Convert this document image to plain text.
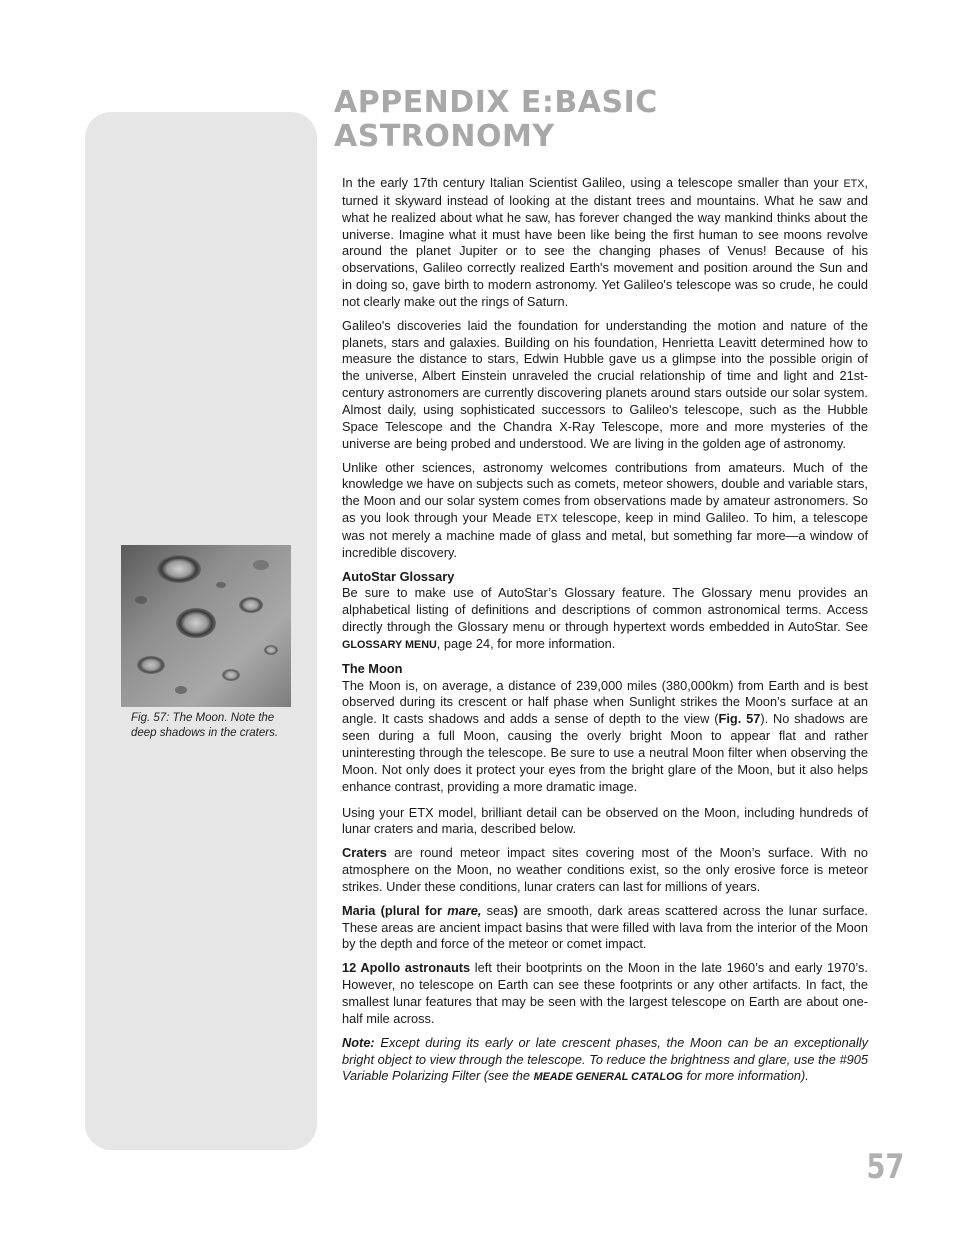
APPENDIX E:BASIC
ASTRONOMY
Fig. 57: The Moon. Note the deep shadows in the craters.

In the early 17th century Italian Scientist Galileo, using a telescope smaller than your ETX, turned it skyward instead of looking at the distant trees and mountains. What he saw and what he realized about what he saw, has forever changed the way mankind thinks about the universe. Imagine what it must have been like being the first human to see moons revolve around the planet Jupiter or to see the changing phases of Venus! Because of his observations, Galileo correctly realized Earth's movement and position around the Sun and in doing so, gave birth to modern astronomy. Yet Galileo's telescope was so crude, he could not clearly make out the rings of Saturn.

Galileo's discoveries laid the foundation for understanding the motion and nature of the planets, stars and galaxies. Building on his foundation, Henrietta Leavitt determined how to measure the distance to stars, Edwin Hubble gave us a glimpse into the possible origin of the universe, Albert Einstein unraveled the crucial relationship of time and light and 21st-century astronomers are currently discovering planets around stars outside our solar system. Almost daily, using sophisticated successors to Galileo's telescope, such as the Hubble Space Telescope and the Chandra X-Ray Telescope, more and more mysteries of the universe are being probed and understood. We are living in the golden age of astronomy.

Unlike other sciences, astronomy welcomes contributions from amateurs. Much of the knowledge we have on subjects such as comets, meteor showers, double and variable stars, the Moon and our solar system comes from observations made by amateur astronomers. So as you look through your Meade ETX telescope, keep in mind Galileo. To him, a telescope was not merely a machine made of glass and metal, but something far more—a window of incredible discovery.

AutoStar Glossary

Be sure to make use of AutoStar’s Glossary feature. The Glossary menu provides an alphabetical listing of definitions and descriptions of common astronomical terms. Access directly through the Glossary menu or through hypertext words embedded in AutoStar. See GLOSSARY MENU, page 24, for more information.

The Moon

The Moon is, on average, a distance of 239,000 miles (380,000km) from Earth and is best observed during its crescent or half phase when Sunlight strikes the Moon’s surface at an angle. It casts shadows and adds a sense of depth to the view (Fig. 57). No shadows are seen during a full Moon, causing the overly bright Moon to appear flat and rather uninteresting through the telescope. Be sure to use a neutral Moon filter when observing the Moon. Not only does it protect your eyes from the bright glare of the Moon, but it also helps enhance contrast, providing a more dramatic image.

Using your ETX model, brilliant detail can be observed on the Moon, including hundreds of lunar craters and maria, described below.

Craters are round meteor impact sites covering most of the Moon’s surface. With no atmosphere on the Moon, no weather conditions exist, so the only erosive force is meteor strikes. Under these conditions, lunar craters can last for millions of years.

Maria (plural for mare, seas) are smooth, dark areas scattered across the lunar surface. These areas are ancient impact basins that were filled with lava from the interior of the Moon by the depth and force of the meteor or comet impact.

12 Apollo astronauts left their bootprints on the Moon in the late 1960’s and early 1970’s. However, no telescope on Earth can see these footprints or any other artifacts. In fact, the smallest lunar features that may be seen with the largest telescope on Earth are about one-half mile across.

Note: Except during its early or late crescent phases, the Moon can be an exceptionally bright object to view through the telescope. To reduce the brightness and glare, use the #905 Variable Polarizing Filter (see the MEADE GENERAL CATALOG for more information).

57
